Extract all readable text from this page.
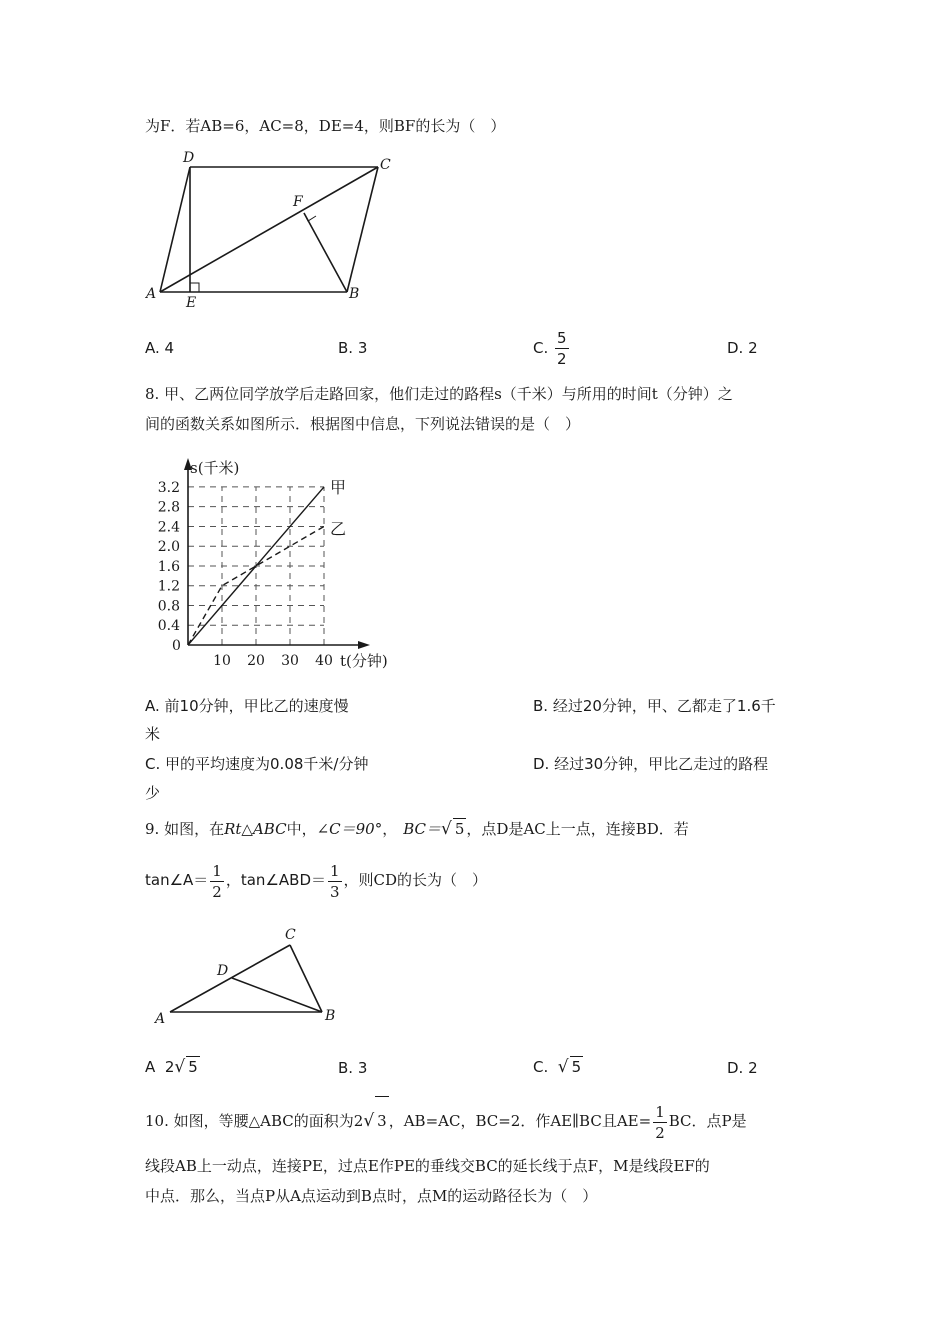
为F．若AB=6，AC=8，DE=4，则BF的长为（　）
D	C
F
A
E
B
A. 4	B. 3	C. $\frac{5}{2}$	D. 2
8. 甲、乙两位同学放学后走路回家，他们走过的路程s（千米）与所用的时间t（分钟）之
间的函数关系如图所示．根据图中信息，下列说法错误的是（　）
s(千米)
t(分钟)
0
0.4
0.8
1.2
1.6
2.0
2.4
2.8
3.2
10 20 30 40
甲
乙
A. 前10分钟，甲比乙的速度慢	B. 经过20分钟，甲、乙都走了1.6千
米
C. 甲的平均速度为0.08千米/分钟	D. 经过30分钟，甲比乙走过的路程
少
9. 如图，在Rt△ABC中，∠C＝90°， BC＝√ 5 ，点D是AC上一点，连接BD．若
tan∠A＝ $\frac{1}{2}$ ，tan∠ABD＝ $\frac{1}{3}$ ，则CD的长为（　）
C
D
A	B
A 2√ 5	B. 3	C. √ 5	D. 2
10. 如图，等腰△ABC的面积为2√ 3 ，AB=AC，BC=2．作AE∥BC且$AE= \frac{1}{2}$ BC．点P是
线段AB上一动点，连接PE，过点E作PE的垂线交BC的延长线于点F，M是线段EF的
中点．那么，当点P从A点运动到B点时，点M的运动路径长为（　）
